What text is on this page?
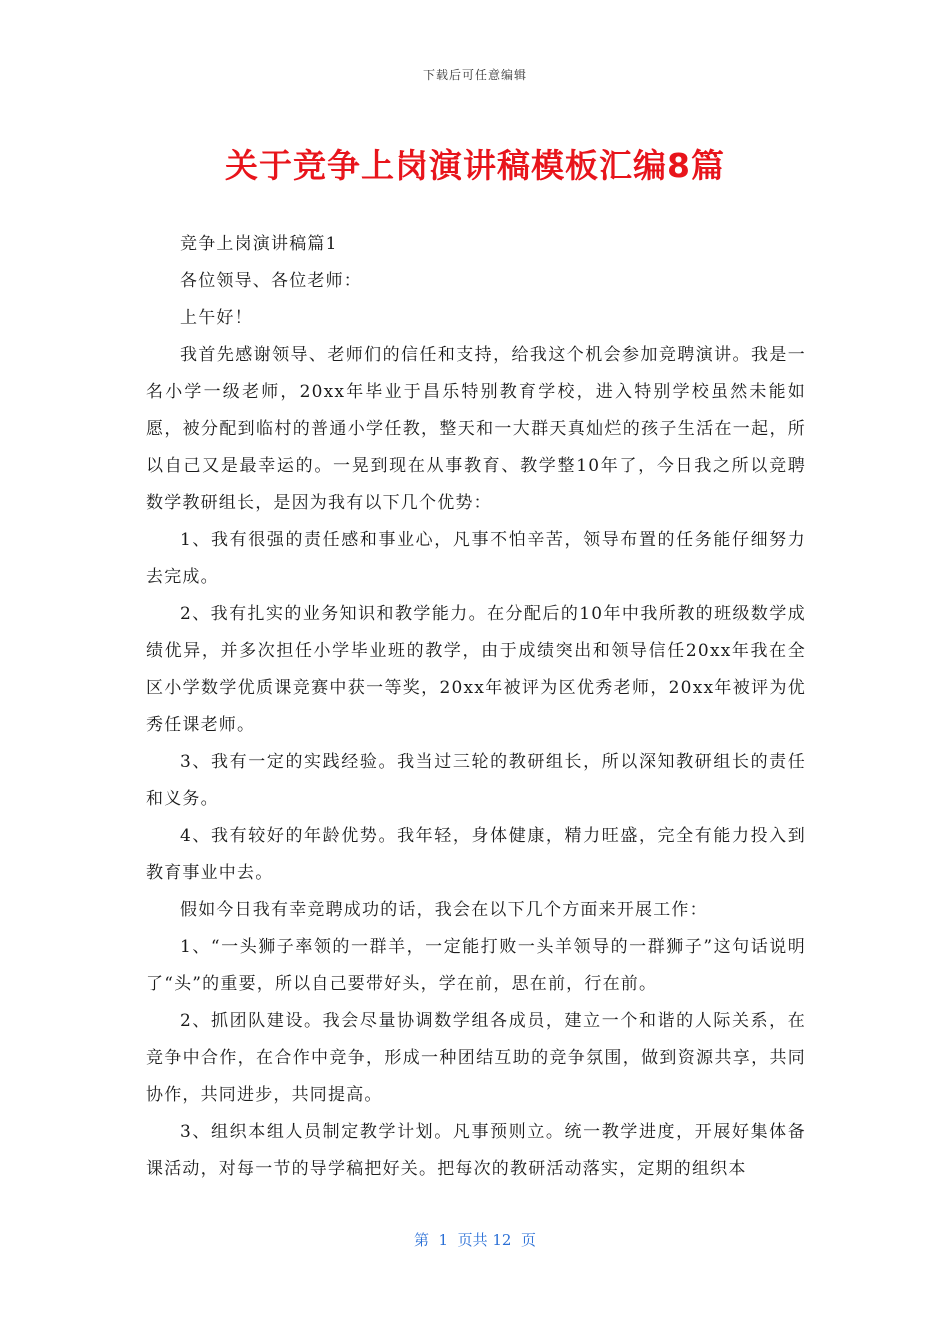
下载后可任意编辑
关于竞争上岗演讲稿模板汇编8篇

竞争上岗演讲稿篇1

各位领导、各位老师：

上午好！

我首先感谢领导、老师们的信任和支持，给我这个机会参加竞聘演讲。我是一名小学一级老师，20xx年毕业于昌乐特别教育学校，进入特别学校虽然未能如愿，被分配到临村的普通小学任教，整天和一大群天真灿烂的孩子生活在一起，所以自己又是最幸运的。一晃到现在从事教育、教学整10年了，今日我之所以竞聘数学教研组长，是因为我有以下几个优势：

1、我有很强的责任感和事业心，凡事不怕辛苦，领导布置的任务能仔细努力去完成。

2、我有扎实的业务知识和教学能力。在分配后的10年中我所教的班级数学成绩优异，并多次担任小学毕业班的教学，由于成绩突出和领导信任20xx年我在全区小学数学优质课竞赛中获一等奖，20xx年被评为区优秀老师，20xx年被评为优秀任课老师。

3、我有一定的实践经验。我当过三轮的教研组长，所以深知教研组长的责任和义务。

4、我有较好的年龄优势。我年轻，身体健康，精力旺盛，完全有能力投入到教育事业中去。

假如今日我有幸竞聘成功的话，我会在以下几个方面来开展工作：

1、“一头狮子率领的一群羊，一定能打败一头羊领导的一群狮子”这句话说明了“头”的重要，所以自己要带好头，学在前，思在前，行在前。

2、抓团队建设。我会尽量协调数学组各成员，建立一个和谐的人际关系，在竞争中合作，在合作中竞争，形成一种团结互助的竞争氛围，做到资源共享，共同协作，共同进步，共同提高。

3、组织本组人员制定教学计划。凡事预则立。统一教学进度，开展好集体备课活动，对每一节的导学稿把好关。把每次的教研活动落实，定期的组织本

第  1  页共 12  页
